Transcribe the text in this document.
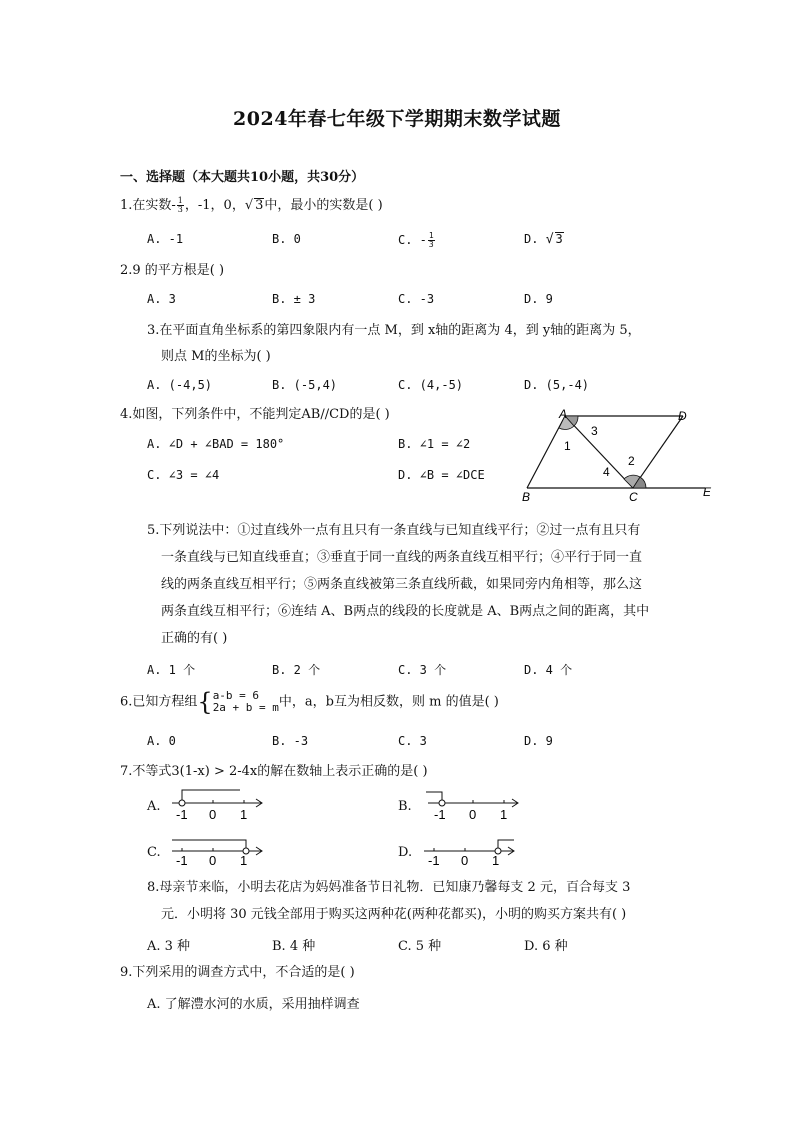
2024年春七年级下学期期末数学试题
一、选择题（本大题共10小题，共30分）
1.在实数- $\frac{1}{3}$ ，-1，0，√ 3中，最小的实数是( )
A. -1	B. 0	C. - $\frac{1}{3}$	D. √ 3
2.9 的平方根是( )
A. 3	B. ± 3	C. -3	D. 9
3.在平面直角坐标系的第四象限内有一点 M，到 x轴的距离为 4，到 y轴的距离为 5，
则点 M的坐标为( )
A. (-4,5)	B. (-5,4)	C. (4,-5)	D. (5,-4)
4.如图，下列条件中，不能判定AB//CD的是( )
A. ∠D + ∠BAD = 180°	B. ∠1 = ∠2
C. ∠3 = ∠4	D. ∠B = ∠DCE
A	D
B	C	E
1
3
4
2
5.下列说法中：①过直线外一点有且只有一条直线与已知直线平行；②过一点有且只有
一条直线与已知直线垂直；③垂直于同一直线的两条直线互相平行；④平行于同一直
线的两条直线互相平行；⑤两条直线被第三条直线所截，如果同旁内角相等，那么这
两条直线互相平行；⑥连结 A、B两点的线段的长度就是 A、B两点之间的距离，其中
正确的有( )
A. 1 个	B. 2 个	C. 3 个	D. 4 个
6.已知方程组{ a-b = 6
2a + b = m 中，a，b互为相反数，则 m 的值是( )
A. 0	B. -3	C. 3	D. 9
7.不等式3(1-x) > 2-4x的解在数轴上表示正确的是( )
A.	B.
C.	D.
-1 0 1	-1 0 1
-1 0 1	-1 0 1
8.母亲节来临，小明去花店为妈妈准备节日礼物．已知康乃馨每支 2 元，百合每支 3
元．小明将 30 元钱全部用于购买这两种花(两种花都买)，小明的购买方案共有( )
A. 3 种	B. 4 种	C. 5 种	D. 6 种
9.下列采用的调查方式中，不合适的是( )
A. 了解澧水河的水质，采用抽样调查
